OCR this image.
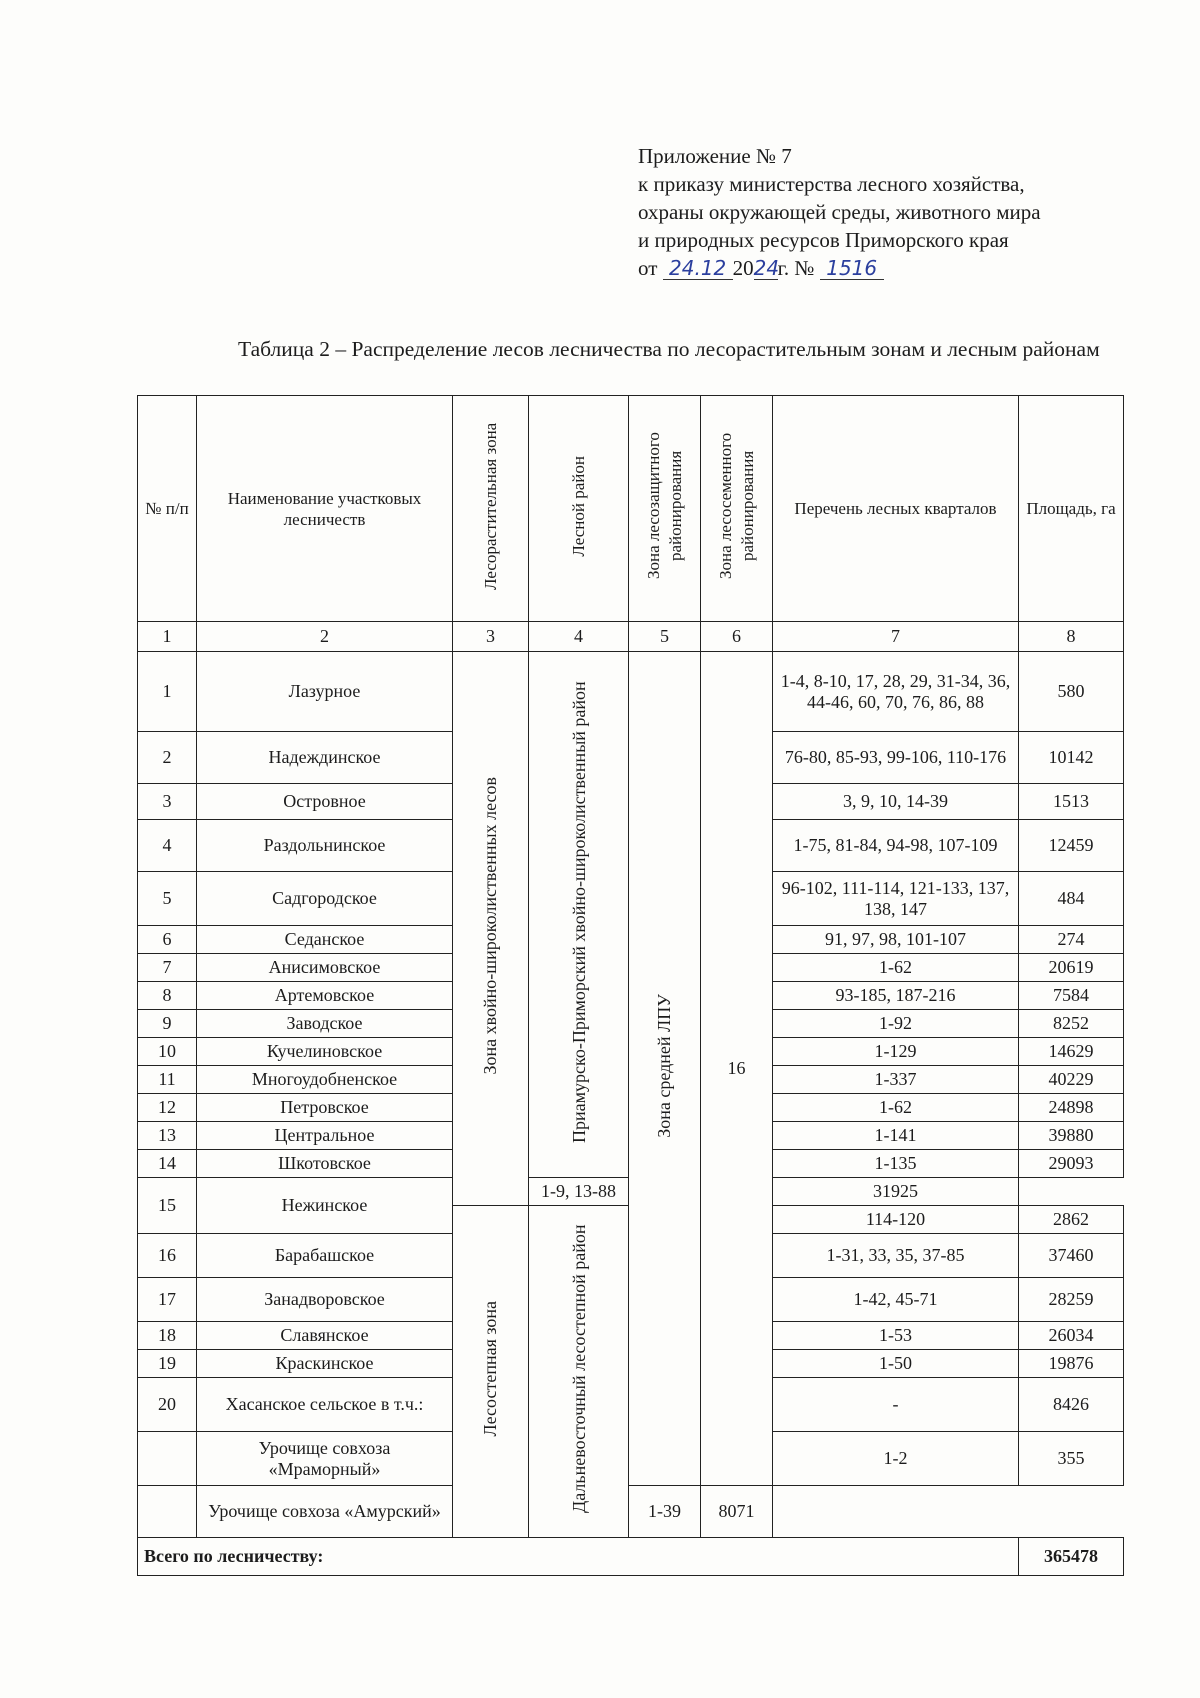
Приложение № 7
к приказу министерства лесного хозяйства,
охраны окружающей среды, животного мира
и природных ресурсов Приморского края
от 24.12 2024г. № 1516

Таблица 2 – Распределение лесов лесничества по лесорастительным зонам и лесным районам

№ п/п	Наименование участковых лесничеств	Лесорастительная зона	Лесной район	Зона лесозащитного районирования	Зона лесосеменного районирования	Перечень лесных кварталов	Площадь, га
1	2	3	4	5	6	7	8
1	Лазурное	Зона хвойно-широколиственных лесов	Приамурско-Приморский хвойно-широколиственный район	Зона средней ЛПУ	16	1-4, 8-10, 17, 28, 29, 31-34, 36, 44-46, 60, 70, 76, 86, 88	580
2	Надеждинское					76-80, 85-93, 99-106, 110-176	10142
3	Островное					3, 9, 10, 14-39	1513
4	Раздольнинское					1-75, 81-84, 94-98, 107-109	12459
5	Садгородское					96-102, 111-114, 121-133, 137, 138, 147	484
6	Седанское					91, 97, 98, 101-107	274
7	Анисимовское					1-62	20619
8	Артемовское					93-185, 187-216	7584
9	Заводское					1-92	8252
10	Кучелиновское					1-129	14629
11	Многоудобненское					1-337	40229
12	Петровское					1-62	24898
13	Центральное					1-141	39880
14	Шкотовское					1-135	29093
15	Нежинское		1-9, 13-88			31925	
		Лесостепная зона	Дальневосточный лесостепной район			114-120	2862
16	Барабашское					1-31, 33, 35, 37-85	37460
17	Занадворовское					1-42, 45-71	28259
18	Славянское					1-53	26034
19	Краскинское					1-50	19876
20	Хасанское сельское в т.ч.:					-	8426
	Урочище совхоза «Мраморный»					1-2	355
	Урочище совхоза «Амурский»			1-39	8071		
Всего по лесничеству:							365478
